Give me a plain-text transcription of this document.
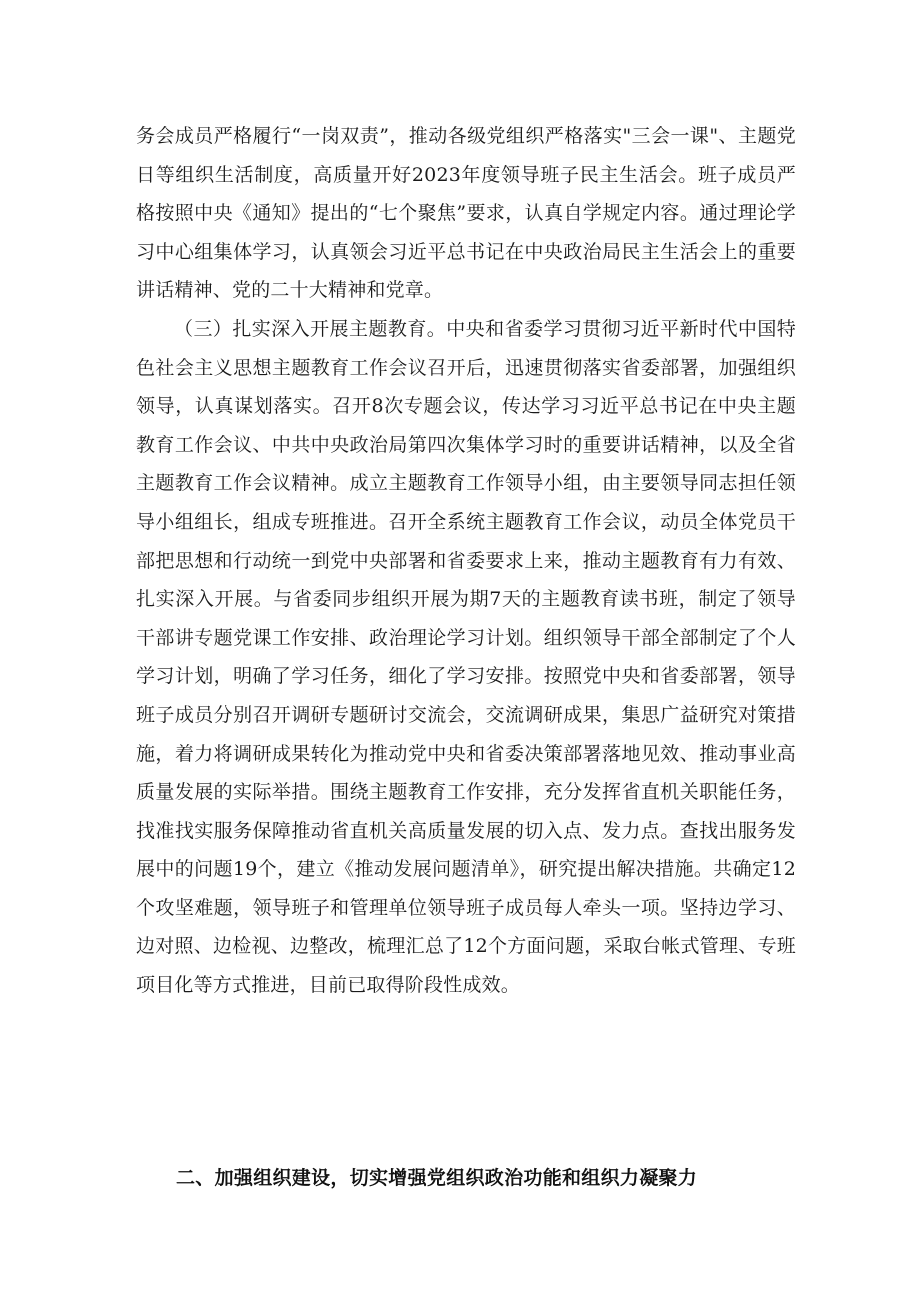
务会成员严格履行“一岗双责”，推动各级党组织严格落实"三会一课"、主题党日等组织生活制度，高质量开好2023年度领导班子民主生活会。班子成员严格按照中央《通知》提出的“七个聚焦”要求，认真自学规定内容。通过理论学习中心组集体学习，认真领会习近平总书记在中央政治局民主生活会上的重要讲话精神、党的二十大精神和党章。

（三）扎实深入开展主题教育。中央和省委学习贯彻习近平新时代中国特色社会主义思想主题教育工作会议召开后，迅速贯彻落实省委部署，加强组织领导，认真谋划落实。召开8次专题会议，传达学习习近平总书记在中央主题教育工作会议、中共中央政治局第四次集体学习时的重要讲话精神，以及全省主题教育工作会议精神。成立主题教育工作领导小组，由主要领导同志担任领导小组组长，组成专班推进。召开全系统主题教育工作会议，动员全体党员干部把思想和行动统一到党中央部署和省委要求上来，推动主题教育有力有效、扎实深入开展。与省委同步组织开展为期7天的主题教育读书班，制定了领导干部讲专题党课工作安排、政治理论学习计划。组织领导干部全部制定了个人学习计划，明确了学习任务，细化了学习安排。按照党中央和省委部署，领导班子成员分别召开调研专题研讨交流会，交流调研成果，集思广益研究对策措施，着力将调研成果转化为推动党中央和省委决策部署落地见效、推动事业高质量发展的实际举措。围绕主题教育工作安排，充分发挥省直机关职能任务，找准找实服务保障推动省直机关高质量发展的切入点、发力点。查找出服务发展中的问题19个，建立《推动发展问题清单》，研究提出解决措施。共确定12个攻坚难题，领导班子和管理单位领导班子成员每人牵头一项。坚持边学习、边对照、边检视、边整改，梳理汇总了12个方面问题，采取台帐式管理、专班项目化等方式推进，目前已取得阶段性成效。

二、加强组织建设，切实增强党组织政治功能和组织力凝聚力
